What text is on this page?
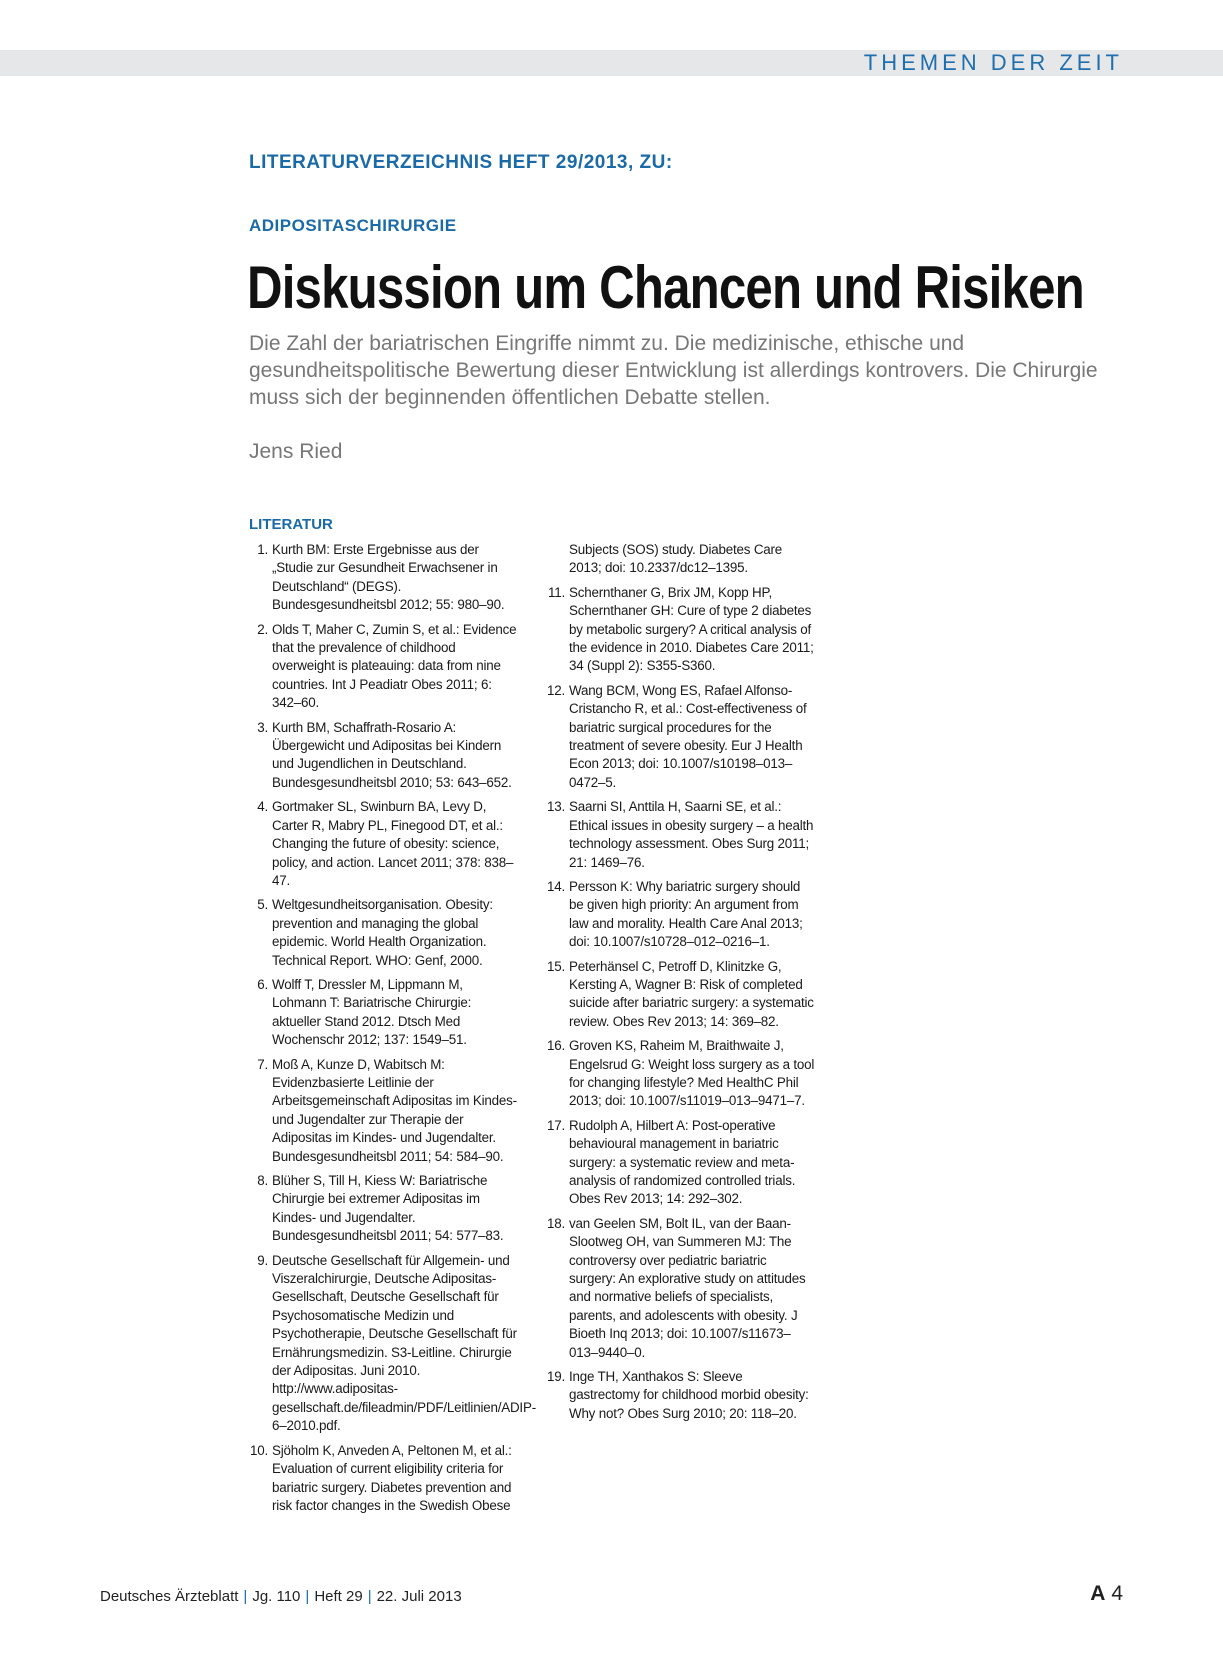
THEMEN DER ZEIT
LITERATURVERZEICHNIS HEFT 29/2013, ZU:
ADIPOSITASCHIRURGIE
Diskussion um Chancen und Risiken

Die Zahl der bariatrischen Eingriffe nimmt zu. Die medizinische, ethische und gesundheitspolitische Bewertung dieser Entwicklung ist allerdings kontrovers. Die Chirurgie muss sich der beginnenden öffentlichen Debatte stellen.

Jens Ried
LITERATUR
1. Kurth BM: Erste Ergebnisse aus der „Studie zur Gesundheit Erwachsener in Deutschland“ (DEGS). Bundesgesundheitsbl 2012; 55: 980–90.
2. Olds T, Maher C, Zumin S, et al.: Evidence that the prevalence of childhood overweight is plateauing: data from nine countries. Int J Peadiatr Obes 2011; 6: 342–60.
3. Kurth BM, Schaffrath-Rosario A: Übergewicht und Adipositas bei Kindern und Jugendlichen in Deutschland. Bundesgesundheitsbl 2010; 53: 643–652.
4. Gortmaker SL, Swinburn BA, Levy D, Carter R, Mabry PL, Finegood DT, et al.: Changing the future of obesity: science, policy, and action. Lancet 2011; 378: 838–47.
5. Weltgesundheitsorganisation. Obesity: prevention and managing the global epidemic. World Health Organization. Technical Report. WHO: Genf, 2000.
6. Wolff T, Dressler M, Lippmann M, Lohmann T: Bariatrische Chirurgie: aktueller Stand 2012. Dtsch Med Wochenschr 2012; 137: 1549–51.
7. Moß A, Kunze D, Wabitsch M: Evidenzbasierte Leitlinie der Arbeitsgemeinschaft Adipositas im Kindes- und Jugendalter zur Therapie der Adipositas im Kindes- und Jugendalter. Bundesgesundheitsbl 2011; 54: 584–90.
8. Blüher S, Till H, Kiess W: Bariatrische Chirurgie bei extremer Adipositas im Kindes- und Jugendalter. Bundesgesundheitsbl 2011; 54: 577–83.
9. Deutsche Gesellschaft für Allgemein- und Viszeralchirurgie, Deutsche Adipositas-Gesellschaft, Deutsche Gesellschaft für Psychosomatische Medizin und Psychotherapie, Deutsche Gesellschaft für Ernährungsmedizin. S3-Leitline. Chirurgie der Adipositas. Juni 2010. http://www.adipositas-gesellschaft.de/fileadmin/PDF/Leitlinien/ADIP-6–2010.pdf.
10. Sjöholm K, Anveden A, Peltonen M, et al.: Evaluation of current eligibility criteria for bariatric surgery. Diabetes prevention and risk factor changes in the Swedish Obese
Subjects (SOS) study. Diabetes Care 2013; doi: 10.2337/dc12–1395.
11. Schernthaner G, Brix JM, Kopp HP, Schernthaner GH: Cure of type 2 diabetes by metabolic surgery? A critical analysis of the evidence in 2010. Diabetes Care 2011; 34 (Suppl 2): S355-S360.
12. Wang BCM, Wong ES, Rafael Alfonso-Cristancho R, et al.: Cost-effectiveness of bariatric surgical procedures for the treatment of severe obesity. Eur J Health Econ 2013; doi: 10.1007/s10198–013–0472–5.
13. Saarni SI, Anttila H, Saarni SE, et al.: Ethical issues in obesity surgery – a health technology assessment. Obes Surg 2011; 21: 1469–76.
14. Persson K: Why bariatric surgery should be given high priority: An argument from law and morality. Health Care Anal 2013; doi: 10.1007/s10728–012–0216–1.
15. Peterhänsel C, Petroff D, Klinitzke G, Kersting A, Wagner B: Risk of completed suicide after bariatric surgery: a systematic review. Obes Rev 2013; 14: 369–82.
16. Groven KS, Raheim M, Braithwaite J, Engelsrud G: Weight loss surgery as a tool for changing lifestyle? Med HealthC Phil 2013; doi: 10.1007/s11019–013–9471–7.
17. Rudolph A, Hilbert A: Post-operative behavioural management in bariatric surgery: a systematic review and meta-analysis of randomized controlled trials. Obes Rev 2013; 14: 292–302.
18. van Geelen SM, Bolt IL, van der Baan-Slootweg OH, van Summeren MJ: The controversy over pediatric bariatric surgery: An explorative study on attitudes and normative beliefs of specialists, parents, and adolescents with obesity. J Bioeth Inq 2013; doi: 10.1007/s11673–013–9440–0.
19. Inge TH, Xanthakos S: Sleeve gastrectomy for childhood morbid obesity: Why not? Obes Surg 2010; 20: 118–20.
Deutsches Ärzteblatt | Jg. 110 | Heft 29 | 22. Juli 2013	A 4
